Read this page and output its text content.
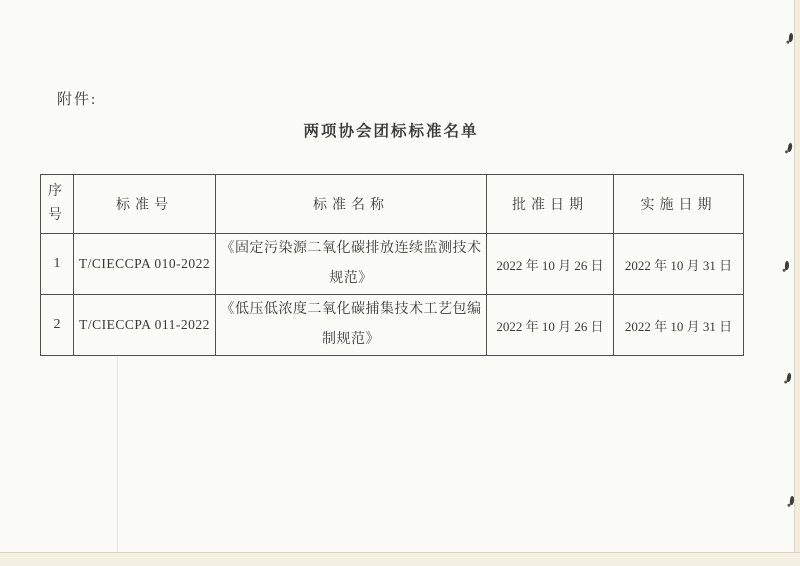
附件:
两项协会团标标准名单
序号	标准号	标准名称	批准日期	实施日期
1	T/CIECCPA 010-2022	《固定污染源二氧化碳排放连续监测技术规范》	2022 年 10 月 26 日	2022 年 10 月 31 日
2	T/CIECCPA 011-2022	《低压低浓度二氧化碳捕集技术工艺包编制规范》	2022 年 10 月 26 日	2022 年 10 月 31 日
